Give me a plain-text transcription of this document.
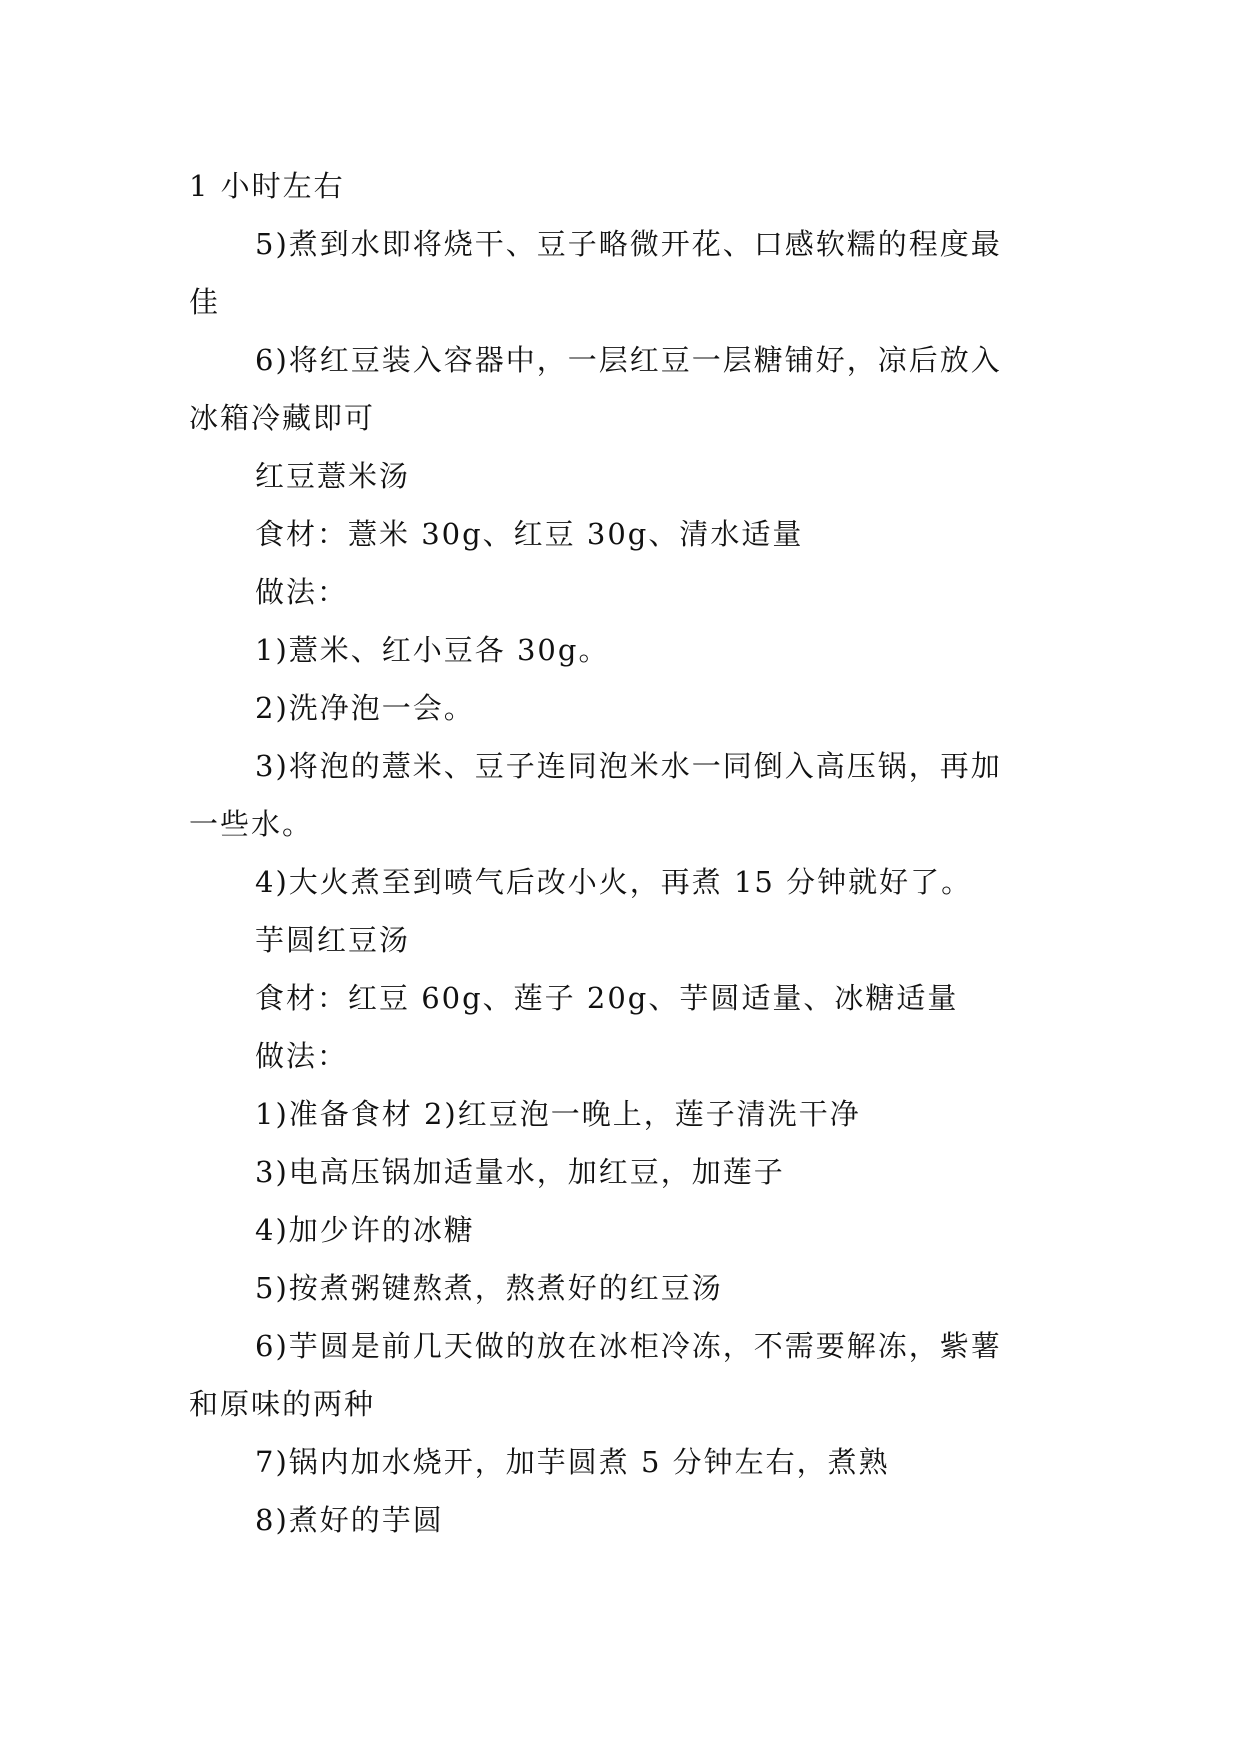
1 小时左右
5)煮到水即将烧干、豆子略微开花、口感软糯的程度最
佳
6)将红豆装入容器中，一层红豆一层糖铺好，凉后放入
冰箱冷藏即可
红豆薏米汤
食材：薏米 30g、红豆 30g、清水适量
做法：
1)薏米、红小豆各 30g。
2)洗净泡一会。
3)将泡的薏米、豆子连同泡米水一同倒入高压锅，再加
一些水。
4)大火煮至到喷气后改小火，再煮 15 分钟就好了。
芋圆红豆汤
食材：红豆 60g、莲子 20g、芋圆适量、冰糖适量
做法：
1)准备食材 2)红豆泡一晚上，莲子清洗干净
3)电高压锅加适量水，加红豆，加莲子
4)加少许的冰糖
5)按煮粥键熬煮，熬煮好的红豆汤
6)芋圆是前几天做的放在冰柜冷冻，不需要解冻，紫薯
和原味的两种
7)锅内加水烧开，加芋圆煮 5 分钟左右，煮熟
8)煮好的芋圆
